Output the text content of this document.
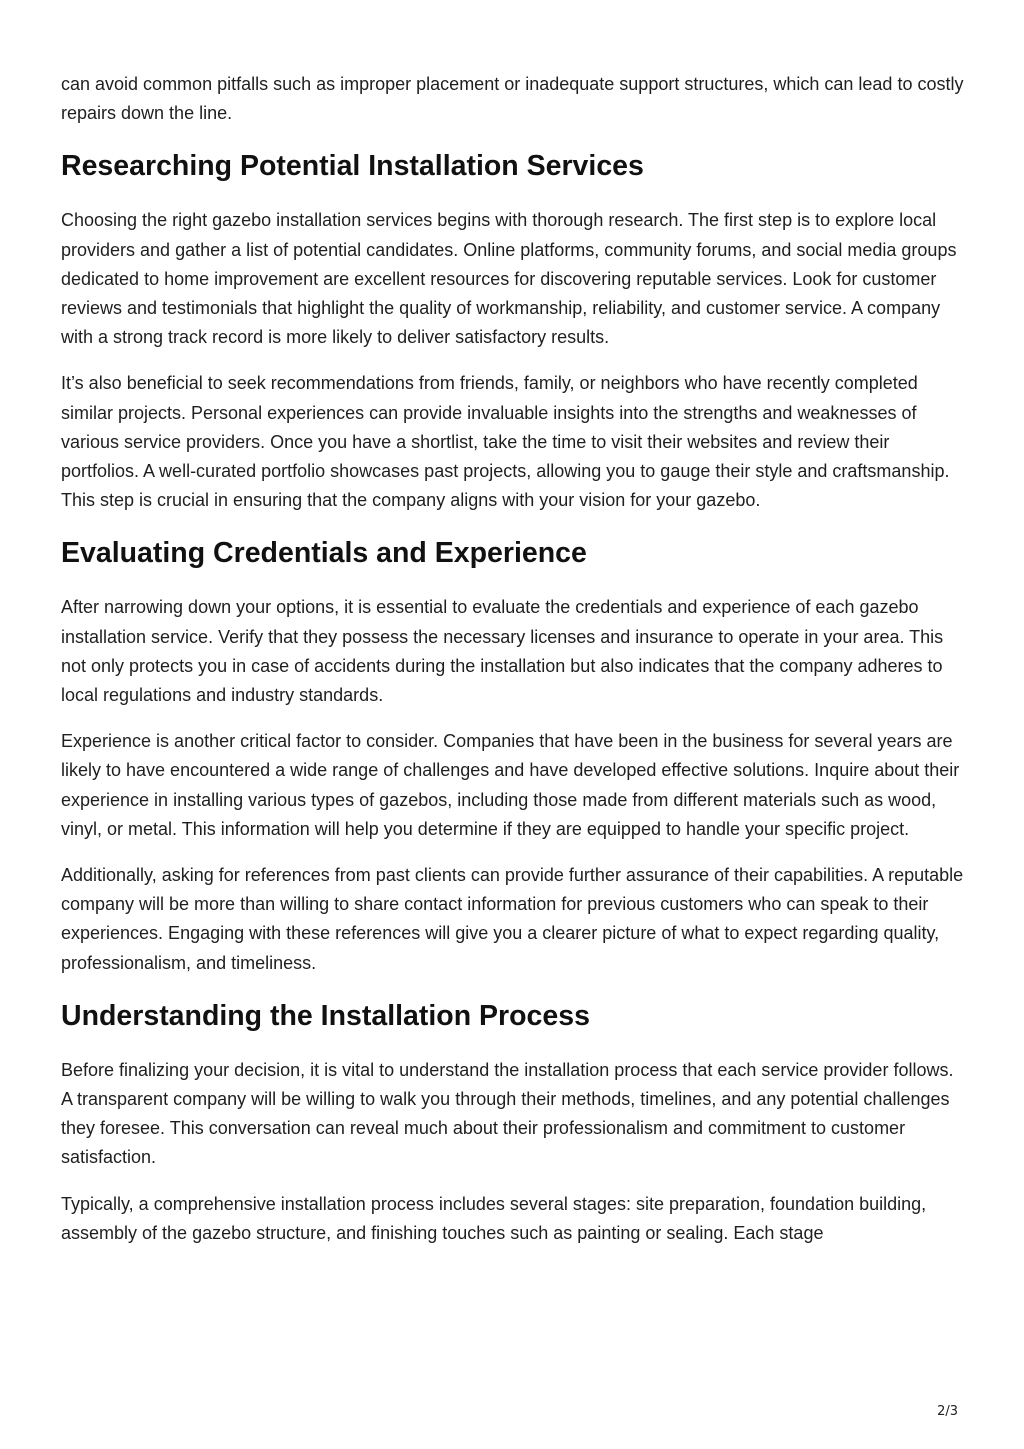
can avoid common pitfalls such as improper placement or inadequate support structures, which can lead to costly repairs down the line.

Researching Potential Installation Services

Choosing the right gazebo installation services begins with thorough research. The first step is to explore local providers and gather a list of potential candidates. Online platforms, community forums, and social media groups dedicated to home improvement are excellent resources for discovering reputable services. Look for customer reviews and testimonials that highlight the quality of workmanship, reliability, and customer service. A company with a strong track record is more likely to deliver satisfactory results.

It’s also beneficial to seek recommendations from friends, family, or neighbors who have recently completed similar projects. Personal experiences can provide invaluable insights into the strengths and weaknesses of various service providers. Once you have a shortlist, take the time to visit their websites and review their portfolios. A well-curated portfolio showcases past projects, allowing you to gauge their style and craftsmanship. This step is crucial in ensuring that the company aligns with your vision for your gazebo.

Evaluating Credentials and Experience

After narrowing down your options, it is essential to evaluate the credentials and experience of each gazebo installation service. Verify that they possess the necessary licenses and insurance to operate in your area. This not only protects you in case of accidents during the installation but also indicates that the company adheres to local regulations and industry standards.

Experience is another critical factor to consider. Companies that have been in the business for several years are likely to have encountered a wide range of challenges and have developed effective solutions. Inquire about their experience in installing various types of gazebos, including those made from different materials such as wood, vinyl, or metal. This information will help you determine if they are equipped to handle your specific project.

Additionally, asking for references from past clients can provide further assurance of their capabilities. A reputable company will be more than willing to share contact information for previous customers who can speak to their experiences. Engaging with these references will give you a clearer picture of what to expect regarding quality, professionalism, and timeliness.

Understanding the Installation Process

Before finalizing your decision, it is vital to understand the installation process that each service provider follows. A transparent company will be willing to walk you through their methods, timelines, and any potential challenges they foresee. This conversation can reveal much about their professionalism and commitment to customer satisfaction.

Typically, a comprehensive installation process includes several stages: site preparation, foundation building, assembly of the gazebo structure, and finishing touches such as painting or sealing. Each stage

2/3
